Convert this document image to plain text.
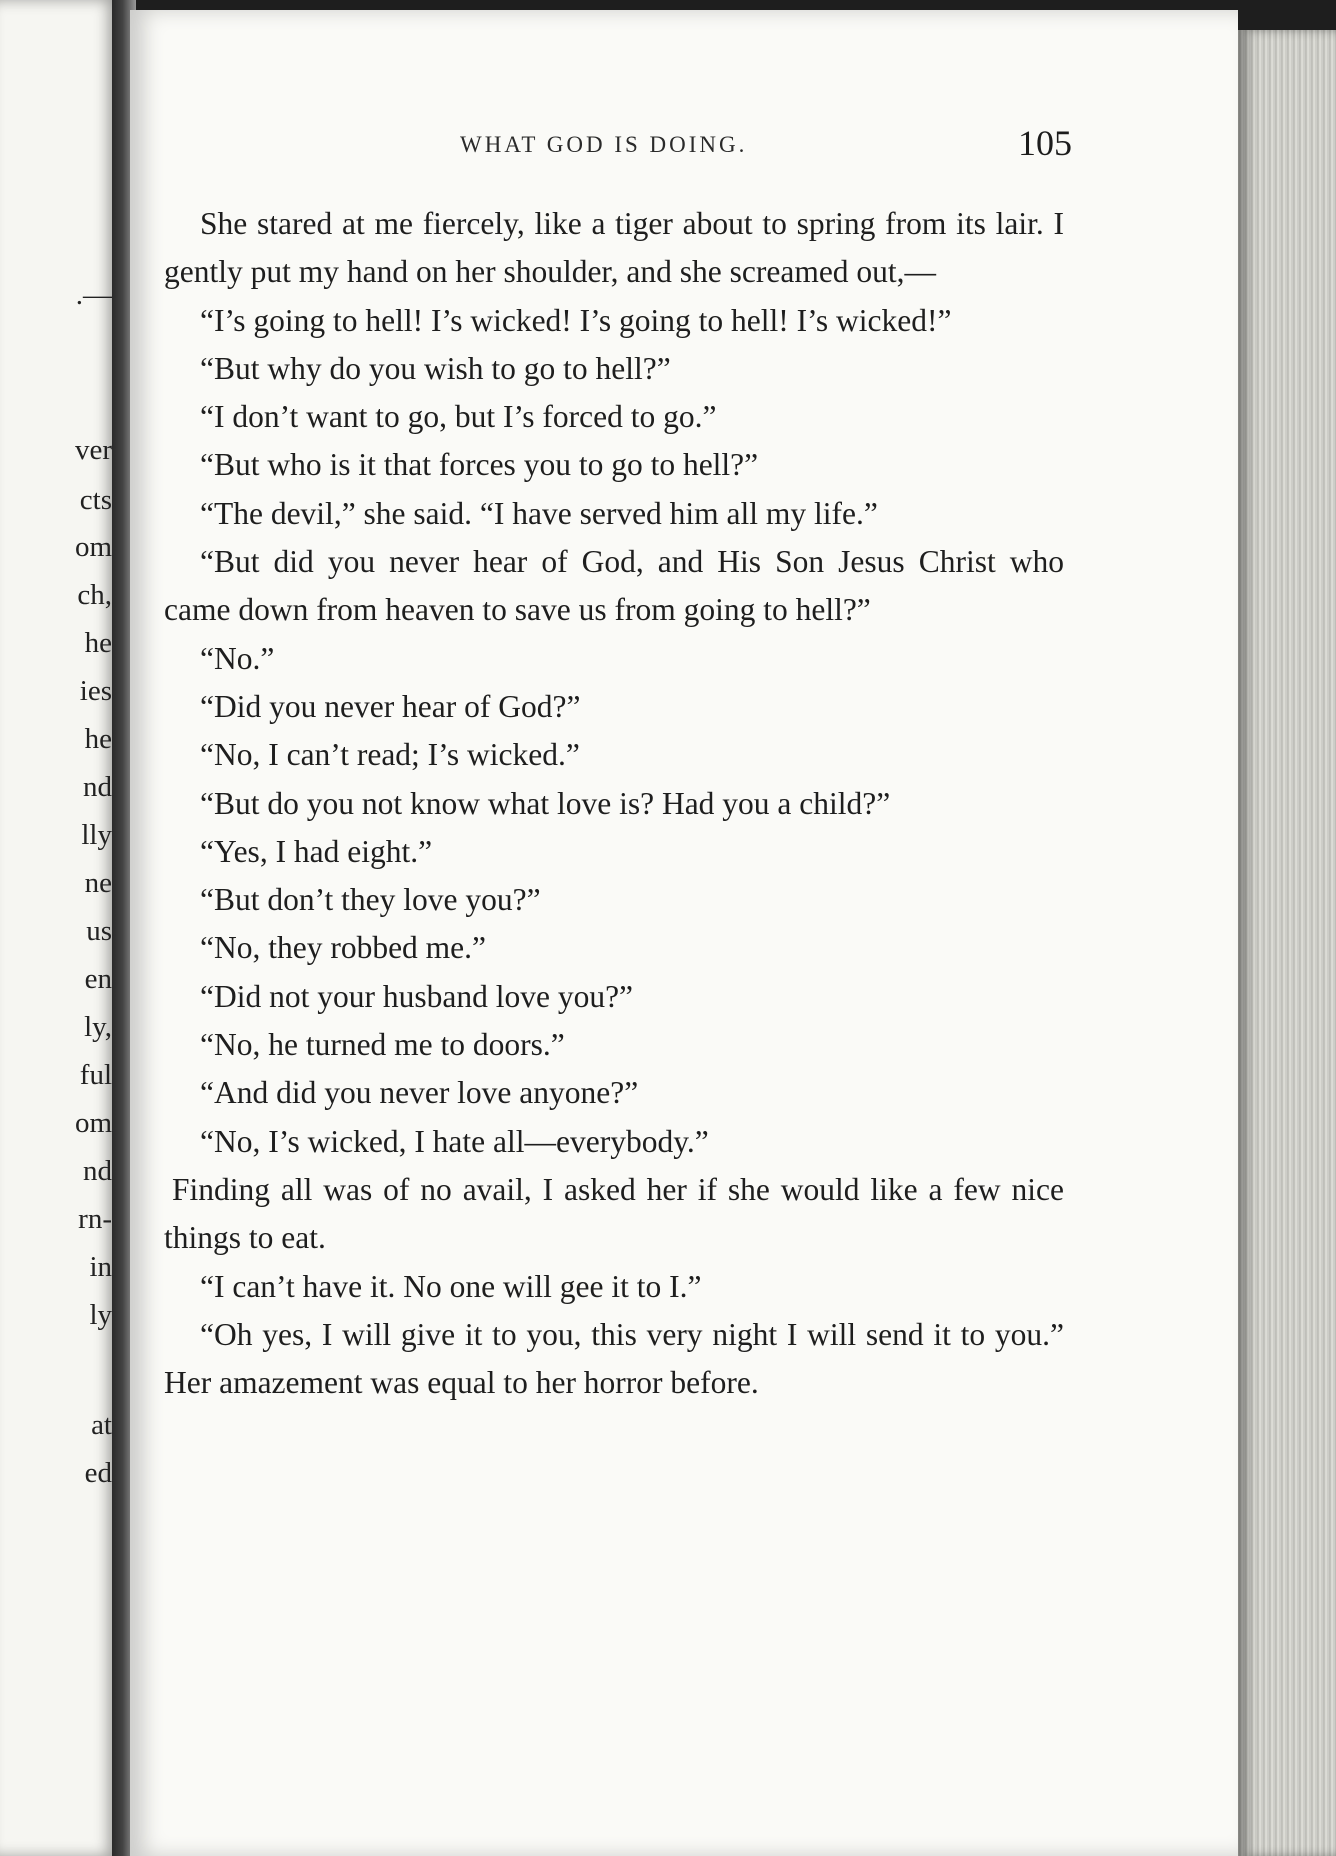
.—
ver
cts
om
ch,
he
ies
he
nd
lly
ne
us
en
ly,
ful
om
nd
rn-
in
ly
at
ed
WHAT GOD IS DOING.	105

She stared at me fiercely, like a tiger about to spring from its lair. I gently put my hand on her shoulder, and she screamed out,—

“I’s going to hell! I’s wicked! I’s going to hell! I’s wicked!”

“But why do you wish to go to hell?”

“I don’t want to go, but I’s forced to go.”

“But who is it that forces you to go to hell?”

“The devil,” she said. “I have served him all my life.”

“But did you never hear of God, and His Son Jesus Christ who came down from heaven to save us from going to hell?”

“No.”

“Did you never hear of God?”

“No, I can’t read; I’s wicked.”

“But do you not know what love is? Had you a child?”

“Yes, I had eight.”

“But don’t they love you?”

“No, they robbed me.”

“Did not your husband love you?”

“No, he turned me to doors.”

“And did you never love anyone?”

“No, I’s wicked, I hate all—everybody.”

Finding all was of no avail, I asked her if she would like a few nice things to eat.

“I can’t have it. No one will gee it to I.”

“Oh yes, I will give it to you, this very night I will send it to you.” Her amazement was equal to her horror before.
